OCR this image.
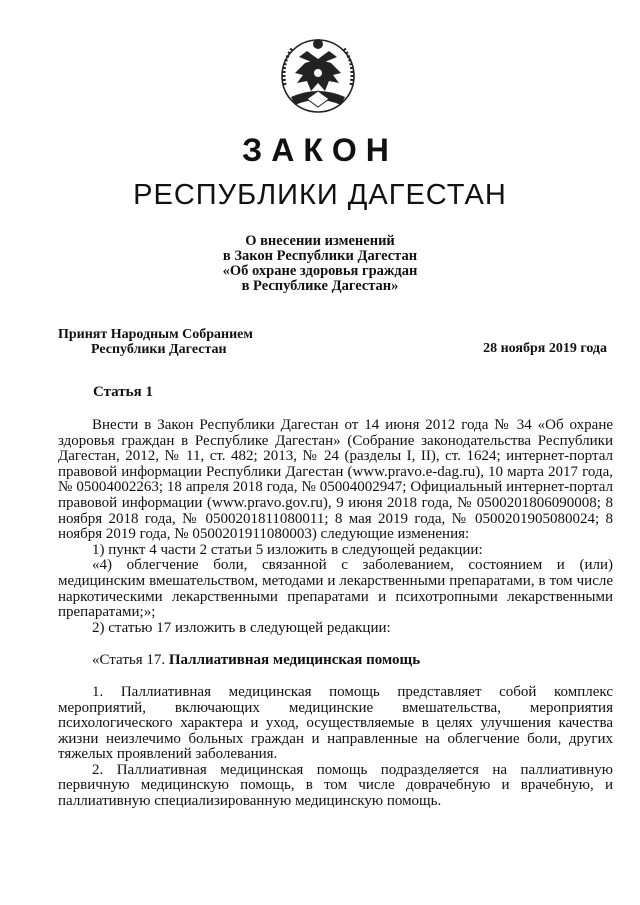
ЗАКОН
РЕСПУБЛИКИ ДАГЕСТАН
О внесении изменений
в Закон Республики Дагестан
«Об охране здоровья граждан
в Республике Дагестан»
Принят Народным Собранием
Республики Дагестан	28 ноября 2019 года
Статья 1

Внести в Закон Республики Дагестан от 14 июня 2012 года № 34 «Об охране здоровья граждан в Республике Дагестан» (Собрание законодательства Республики Дагестан, 2012, № 11, ст. 482; 2013, № 24 (разделы I, II), ст. 1624; интернет-портал правовой информации Республики Дагестан (www.pravo.e-dag.ru), 10 марта 2017 года, № 05004002263; 18 апреля 2018 года, № 05004002947; Официальный интернет-портал правовой информации (www.pravo.gov.ru), 9 июня 2018 года, № 0500201806090008; 8 ноября 2018 года, № 0500201811080011; 8 мая 2019 года, № 0500201905080024; 8 ноября 2019 года, № 0500201911080003) следующие изменения:

1) пункт 4 части 2 статьи 5 изложить в следующей редакции:

«4) облегчение боли, связанной с заболеванием, состоянием и (или) медицинским вмешательством, методами и лекарственными препаратами, в том числе наркотическими лекарственными препаратами и психотропными лекарственными препаратами;»;

2) статью 17 изложить в следующей редакции:

«Статья 17. Паллиативная медицинская помощь

1. Паллиативная медицинская помощь представляет собой комплекс мероприятий, включающих медицинские вмешательства, мероприятия психологического характера и уход, осуществляемые в целях улучшения качества жизни неизлечимо больных граждан и направленные на облегчение боли, других тяжелых проявлений заболевания.

2. Паллиативная медицинская помощь подразделяется на паллиативную первичную медицинскую помощь, в том числе доврачебную и врачебную, и паллиативную специализированную медицинскую помощь.
